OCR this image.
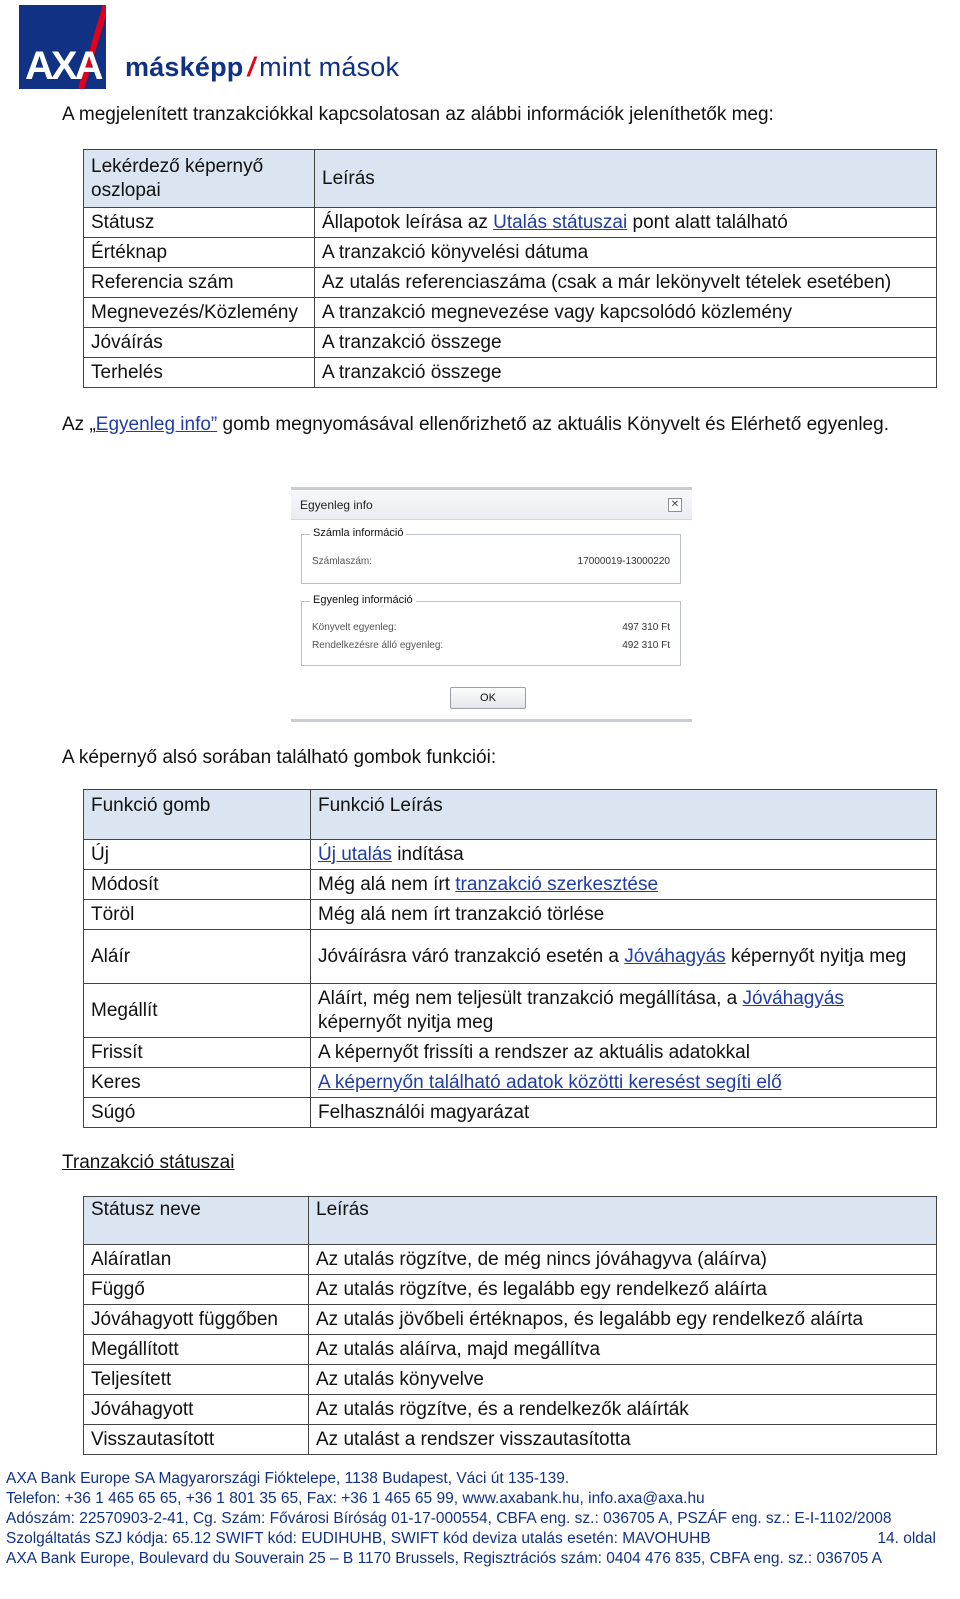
AXA másképp / mint mások
A megjelenített tranzakciókkal kapcsolatosan az alábbi információk jeleníthetők meg:
Lekérdező képernyő oszlopai	Leírás
Státusz	Állapotok leírása az Utalás státuszai pont alatt található
Értéknap	A tranzakció könyvelési dátuma
Referencia szám	Az utalás referenciaszáma (csak a már lekönyvelt tételek esetében)
Megnevezés/Közlemény	A tranzakció megnevezése vagy kapcsolódó közlemény
Jóváírás	A tranzakció összege
Terhelés	A tranzakció összege
Az „Egyenleg info” gomb megnyomásával ellenőrizhető az aktuális Könyvelt és Elérhető egyenleg.
Egyenleg info	✕
Számla információ
Számlaszám:	17000019-13000220
Egyenleg információ
Könyvelt egyenleg:	497 310 Ft
Rendelkezésre álló egyenleg:	492 310 Ft
OK
A képernyő alsó sorában található gombok funkciói:
Funkció gomb	Funkció Leírás
Új	Új utalás indítása
Módosít	Még alá nem írt tranzakció szerkesztése
Töröl	Még alá nem írt tranzakció törlése
Aláír	Jóváírásra váró tranzakció esetén a Jóváhagyás képernyőt nyitja meg
Megállít	Aláírt, még nem teljesült tranzakció megállítása, a Jóváhagyás képernyőt nyitja meg
Frissít	A képernyőt frissíti a rendszer az aktuális adatokkal
Keres	A képernyőn található adatok közötti keresést segíti elő
Súgó	Felhasználói magyarázat
Tranzakció státuszai
Státusz neve	Leírás
Aláíratlan	Az utalás rögzítve, de még nincs jóváhagyva (aláírva)
Függő	Az utalás rögzítve, és legalább egy rendelkező aláírta
Jóváhagyott függőben	Az utalás jövőbeli értéknapos, és legalább egy rendelkező aláírta
Megállított	Az utalás aláírva, majd megállítva
Teljesített	Az utalás könyvelve
Jóváhagyott	Az utalás rögzítve, és a rendelkezők aláírták
Visszautasított	Az utalást a rendszer visszautasította
AXA Bank Europe SA Magyarországi Fióktelepe, 1138 Budapest, Váci út 135-139.
Telefon: +36 1 465 65 65, +36 1 801 35 65, Fax: +36 1 465 65 99, www.axabank.hu, info.axa@axa.hu
Adószám: 22570903-2-41, Cg. Szám: Fővárosi Bíróság 01-17-000554, CBFA eng. sz.: 036705 A, PSZÁF eng. sz.: E-I-1102/2008
Szolgáltatás SZJ kódja: 65.12 SWIFT kód: EUDIHUHB, SWIFT kód deviza utalás esetén: MAVOHUHB	14. oldal
AXA Bank Europe, Boulevard du Souverain 25 – B 1170 Brussels, Regisztrációs szám: 0404 476 835, CBFA eng. sz.: 036705 A
